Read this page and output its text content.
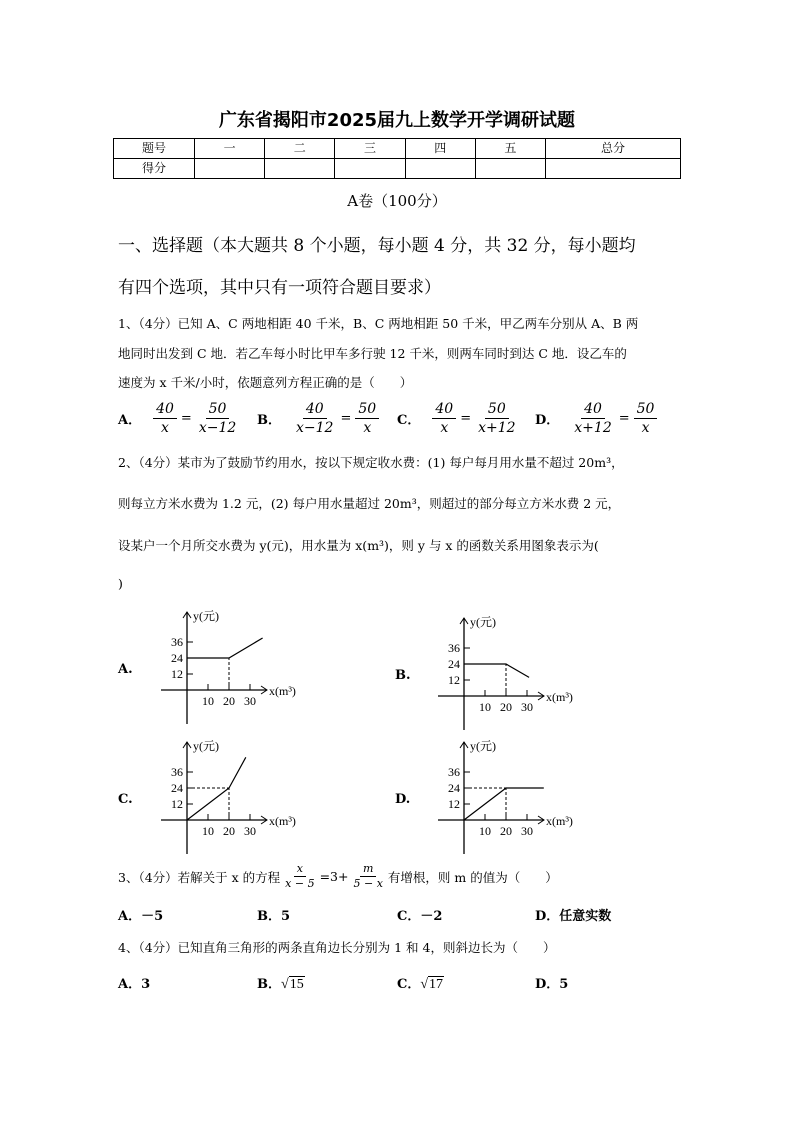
广东省揭阳市2025届九上数学开学调研试题
题号	一	二	三	四	五	总分
得分						
A卷（100分）
一、选择题（本大题共 8 个小题，每小题 4 分，共 32 分，每小题均
有四个选项，其中只有一项符合题目要求）
1、（4分）已知 A、C 两地相距 40 千米，B、C 两地相距 50 千米，甲乙两车分别从 A、B 两
地同时出发到 C 地．若乙车每小时比甲车多行驶 12 千米，则两车同时到达 C 地．设乙车的
速度为 x 千米/小时，依题意列方程正确的是（　　）
A． $\frac{40}{x} = \frac{50}{x-12}$ B． $\frac{40}{x-12} = \frac{50}{x}$ C． $\frac{40}{x} = \frac{50}{x+12}$ D． $\frac{40}{x+12} = \frac{50}{x}$
2、（4分）某市为了鼓励节约用水，按以下规定收水费：(1) 每户每月用水量不超过 20m³，
则每立方米水费为 1.2 元，(2) 每户用水量超过 20m³，则超过的部分每立方米水费 2 元，
设某户一个月所交水费为 y(元)，用水量为 x(m³)，则 y 与 x 的函数关系用图象表示为(
)
A.
10 20 30
12
24
36
y(元)
x(m³)
B.
10 20 30
12
24
36
y(元)
x(m³)
C.
10 20 30
12
24
36
y(元)
x(m³)
D.
10 20 30
12
24
36
y(元)
x(m³)
3、（4分）若解关于 x 的方程 $\frac{x}{x - 5} =3+ \frac{m}{5 - x}$ 有增根，则 m 的值为（　　）
A．－5	B．5	C．－2	D．任意实数
4、（4分）已知直角三角形的两条直角边长分别为 1 和 4，则斜边长为（　　）
A．3	B．√15	C．√17	D．5
